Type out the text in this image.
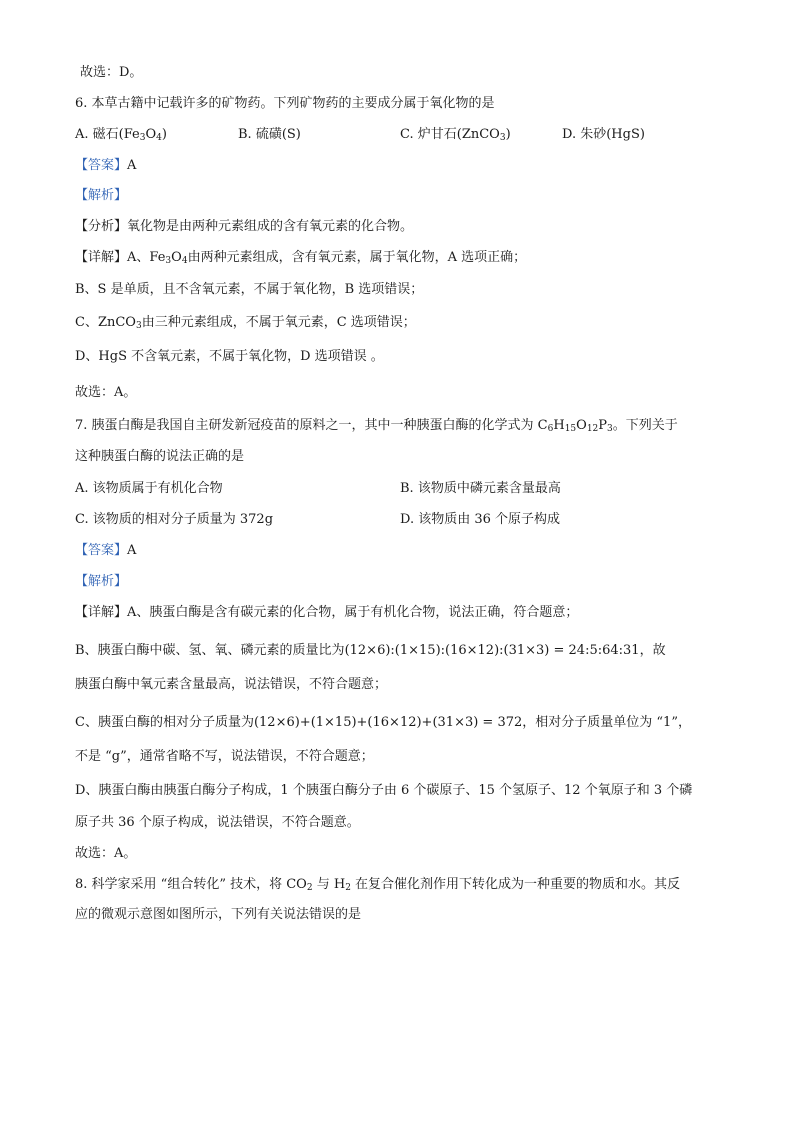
故选：D。
6. 本草古籍中记载许多的矿物药。下列矿物药的主要成分属于氧化物的是
A. 磁石$(Fe_3O_4)$	B. 硫磺(S)	C. 炉甘石(ZnCO$_3$)	D. 朱砂(HgS)
【答案】A
【解析】
【分析】氧化物是由两种元素组成的含有氧元素的化合物。
【详解】A、$Fe_3O_4$由两种元素组成，含有氧元素，属于氧化物，A 选项正确；
B、S 是单质，且不含氧元素，不属于氧化物，B 选项错误；
C、ZnCO$_3$由三种元素组成，不属于氧元素，C 选项错误；
D、HgS 不含氧元素，不属于氧化物，D 选项错误 。
故选：A。
7. 胰蛋白酶是我国自主研发新冠疫苗的原料之一，其中一种胰蛋白酶的化学式为 $C_6H_{15}O_{12}P_3$。下列关于
这种胰蛋白酶的说法正确的是
A. 该物质属于有机化合物	B. 该物质中磷元素含量最高
C. 该物质的相对分子质量为 372g	D. 该物质由 36 个原子构成
【答案】A
【解析】
【详解】A、胰蛋白酶是含有碳元素的化合物，属于有机化合物，说法正确，符合题意；
B、胰蛋白酶中碳、氢、氧、磷元素的质量比为(12×6):(1×15):(16×12):(31×3) = 24:5:64:31，故
胰蛋白酶中氧元素含量最高，说法错误，不符合题意；
C、胰蛋白酶的相对分子质量为(12×6)+(1×15)+(16×12)+(31×3) = 372，相对分子质量单位为 “1”，
不是 “g”，通常省略不写，说法错误，不符合题意；
D、胰蛋白酶由胰蛋白酶分子构成，1 个胰蛋白酶分子由 6 个碳原子、15 个氢原子、12 个氧原子和 3 个磷
原子共 36 个原子构成，说法错误，不符合题意。
故选：A。
8. 科学家采用 “组合转化” 技术，将 $CO_2$ 与 $H_2$ 在复合催化剂作用下转化成为一种重要的物质和水。其反
应的微观示意图如图所示，下列有关说法错误的是
